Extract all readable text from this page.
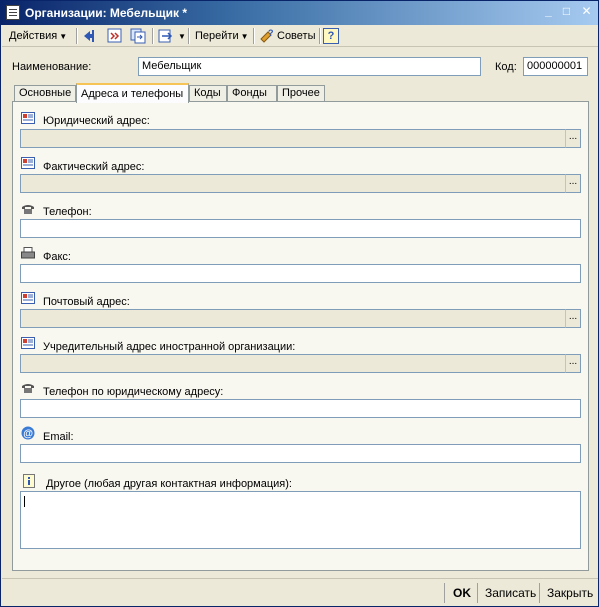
Организации: Мебельщик *	_ □ ✕
Действия ▼	▼ Перейти ▼ ? Советы	?
Наименование:	Мебельщик	Код: 000000001
Основные Адреса и телефоны Коды	Фонды	Прочее
Юридический адрес:
...
Фактический адрес:
...
Телефон:
Факс:
Почтовый адрес:
...
Учредительный адрес иностранной организации:
...
Телефон по юридическому адресу:
@ Email:
Другое (любая другая контактная информация):
OK Записать Закрыть
